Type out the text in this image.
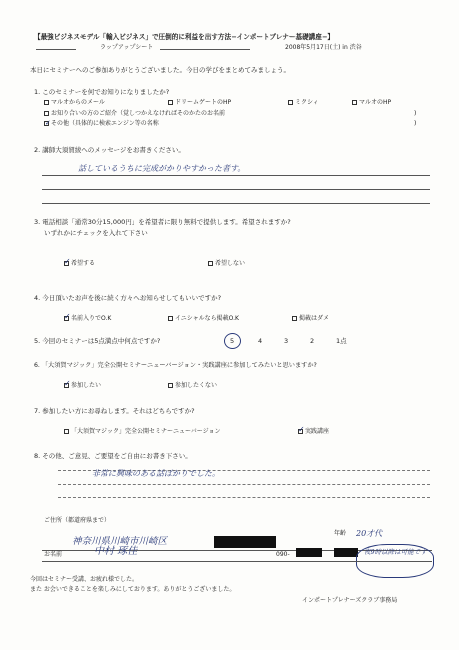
【最強ビジネスモデル「輸入ビジネス」で圧倒的に利益を出す方法−インポートプレナー基礎講座−】
ラップアップシート	2008年5月17日(土) in 渋谷
本日にセミナーへのご参加ありがとうございました。今日の学びをまとめてみましょう。
1. このセミナーを何でお知りになりましたか?
マルオからのメール	ドリームゲートのHP	ミクシィ	マルオのHP
お知り合いの方のご紹介（覚しつかえなければそのかたのお名前	)
✓ その他（具体的に検索エンジン等の名称	)
2. 講師大須賀綾へのメッセージをお書きください。
話しているうちに完成がかりやすかった者す。
3. 電話相談「通常30分15,000円」を希望者に限り無料で提供します。希望されますか?
いずれかにチェックを入れて下さい
✓ 希望する	希望しない
4. 今日頂いたお声を後に続く方々へお知らせしてもいいですか?
✓ 名前入りでO.K	イニシャルなら掲載O.K	掲載はダメ
5. 今回のセミナーは5点満点中何点ですか?	5	4	3	2	1点
6. 「大須賀マジック」完全公開セミナーニューバージョン・実践講座に参加してみたいと思いますか?
✓ 参加したい	参加したくない
7. 参加したい方にお尋ねします。それはどちらですか?
「大須賀マジック」完全公開セミナーニューバージョン	✓ 実践講座
8. その他、ご意見、ご要望をご自由にお書き下さい。
非常に興味のある話ばかりでした。
ご住所（都道府県まで）
神奈川県川崎市川崎区
年齢 20才代
お名前	中村 琢佳	090-	夜9時以降は可能です
今回はセミナー受講、お疲れ様でした。
また お会いできることを楽しみにしております。ありがとうございました。
インポートプレナーズクラブ事務局
